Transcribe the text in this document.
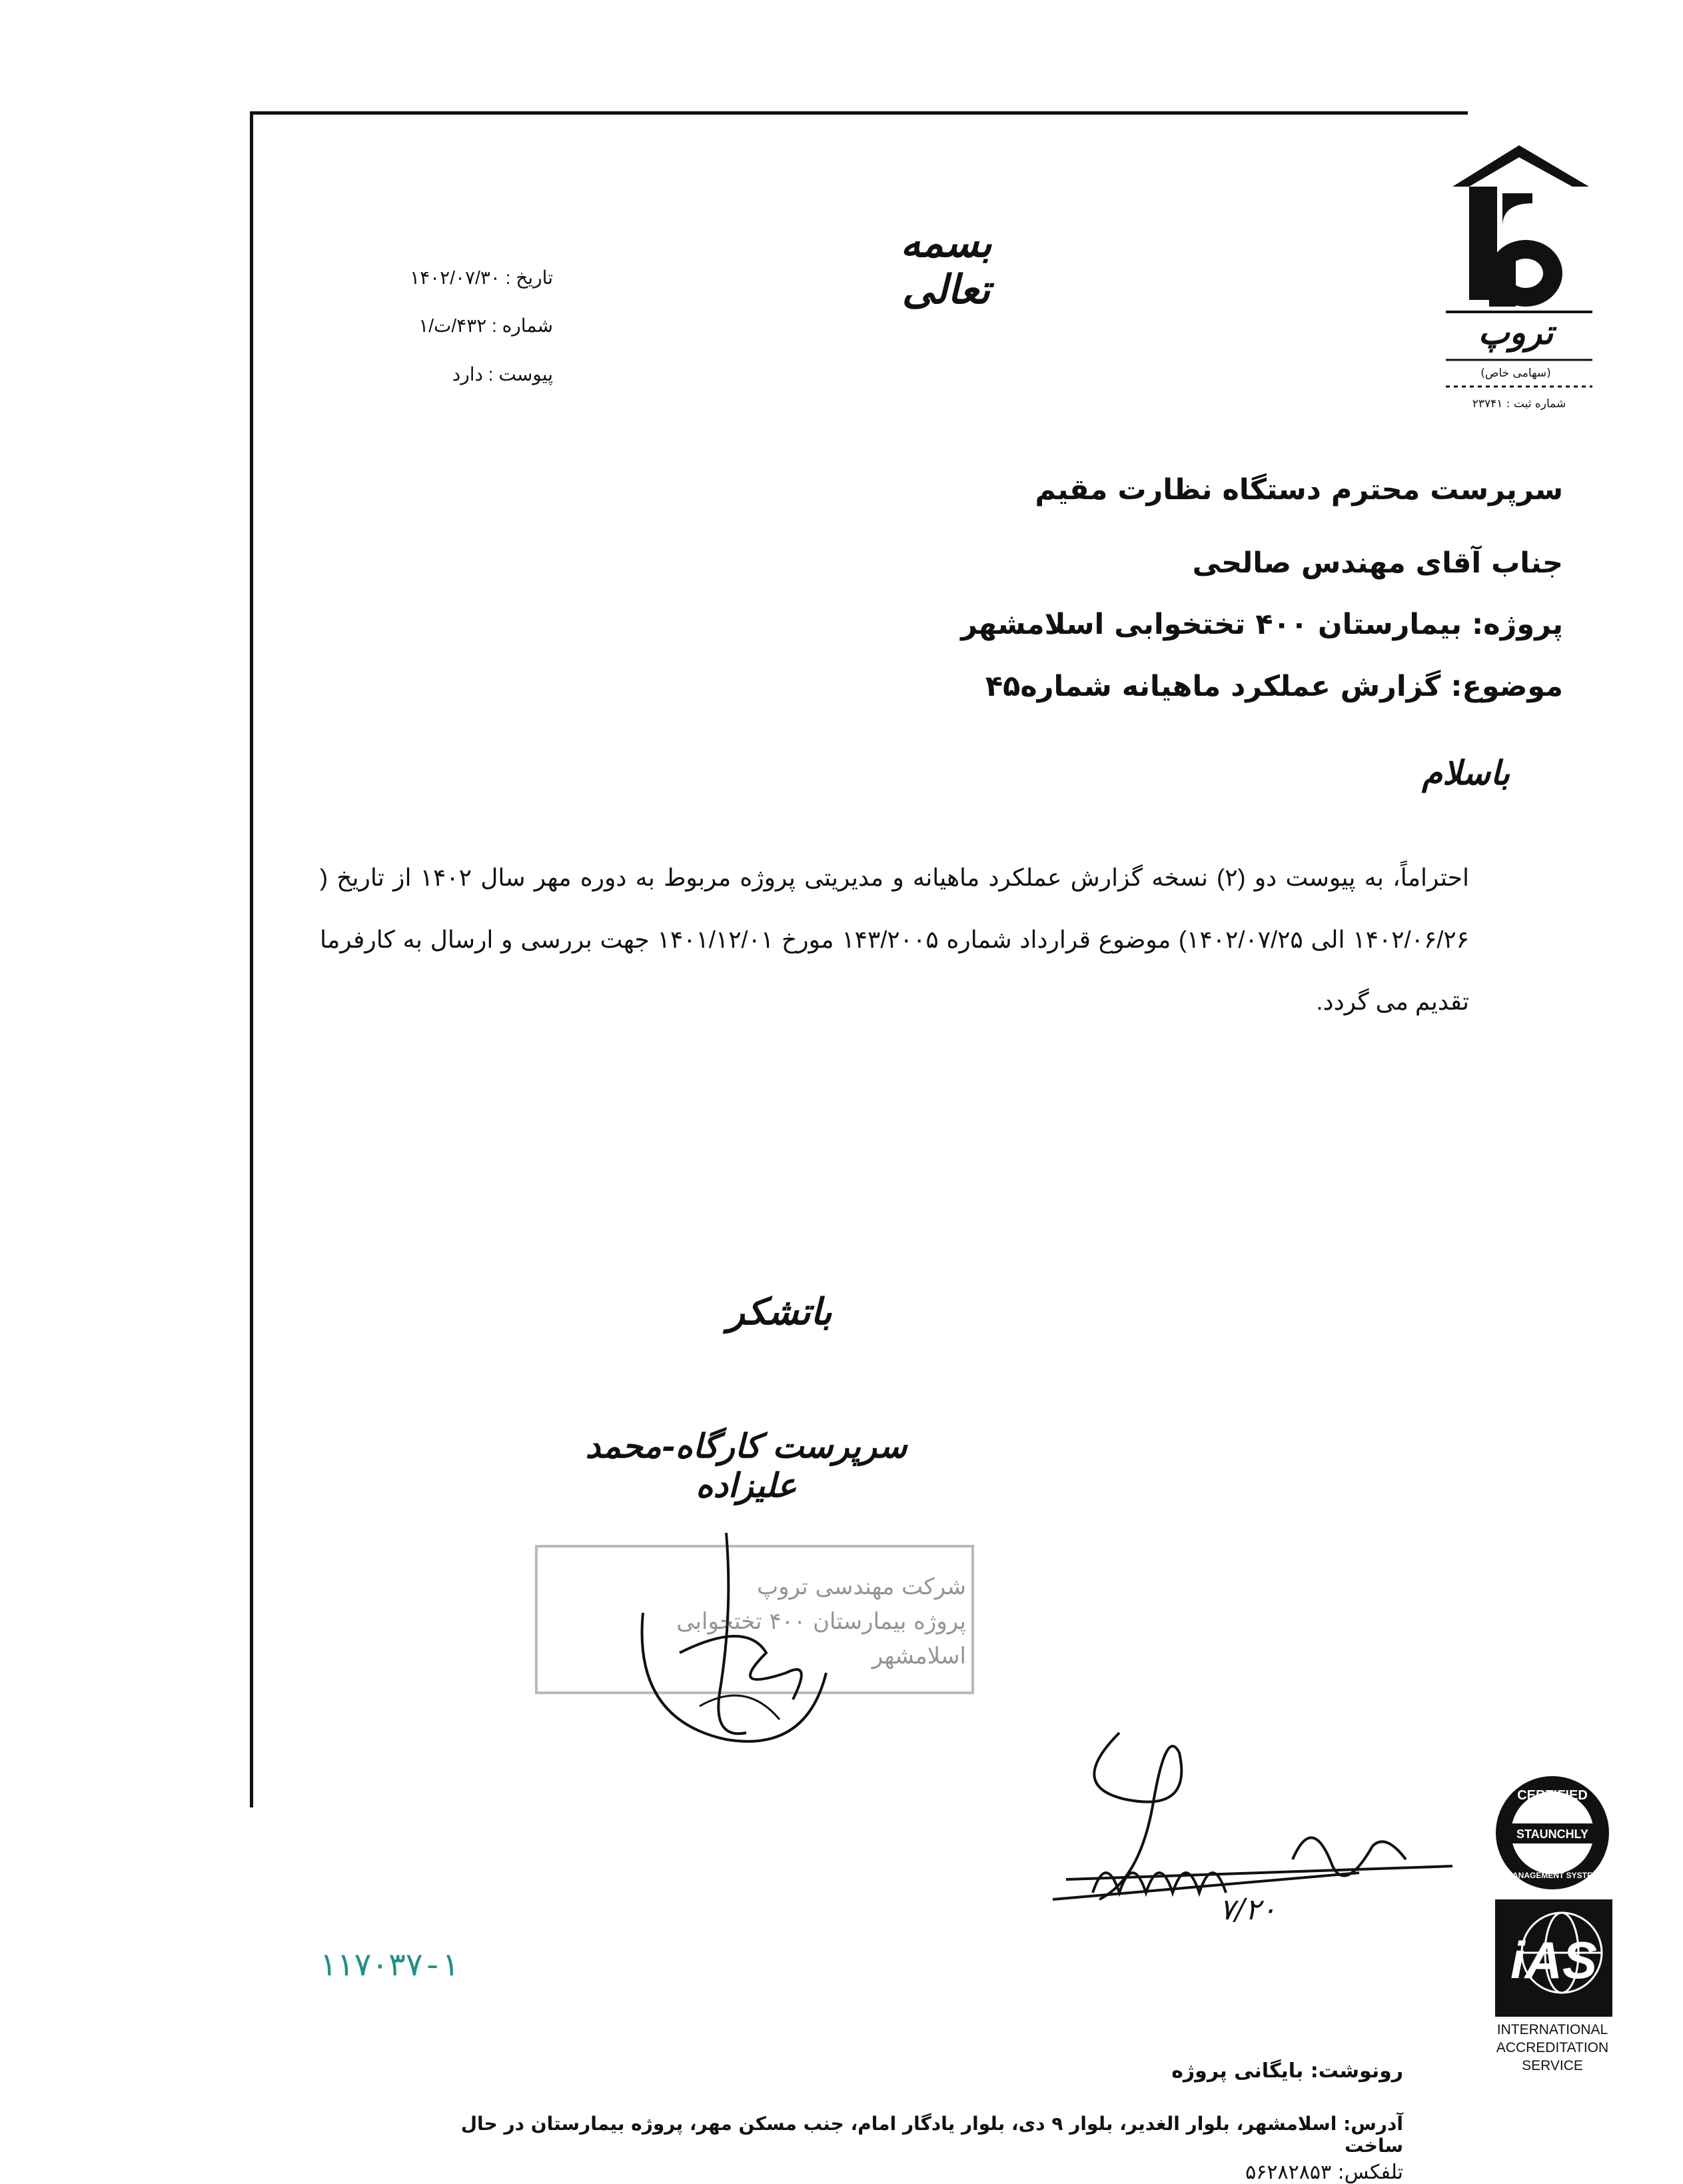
تروپ
(سهامی خاص)
شماره ثبت : ۲۳۷۴۱
بسمه تعالی
تاریخ : ۱۴۰۲/۰۷/۳۰
شماره : ۴۳۲/ت/۱
پیوست : دارد
سرپرست محترم دستگاه نظارت مقیم
جناب آقای مهندس صالحی
پروژه: بیمارستان ۴۰۰ تختخوابی اسلامشهر
موضوع: گزارش عملکرد ماهیانه شماره۴۵
باسلام
احتراماً، به پیوست دو (۲) نسخه گزارش عملکرد ماهیانه و مدیریتی پروژه مربوط به دوره مهر سال ۱۴۰۲ از تاریخ ( ۱۴۰۲/۰۶/۲۶ الی ۱۴۰۲/۰۷/۲۵) موضوع قرارداد شماره ۱۴۳/۲۰۰۵ مورخ ۱۴۰۱/۱۲/۰۱ جهت بررسی و ارسال به کارفرما تقدیم می گردد.
باتشکر
سرپرست کارگاه-محمد علیزاده
شرکت مهندسی تروپ
پروژه بیمارستان ۴۰۰ تختخوابی
اسلامشهر
۷/۲۰
۱۱۷۰۳۷-۱
CERTIFIED
STAUNCHLY
MANAGEMENT SYSTEM
iAS
INTERNATIONAL
ACCREDITATION
SERVICE
رونوشت: بایگانی پروژه
آدرس: اسلامشهر، بلوار الغدیر، بلوار ۹ دی، بلوار یادگار امام، جنب مسکن مهر، پروژه بیمارستان در حال ساخت
تلفکس: ۵۶۲۸۲۸۵۳
